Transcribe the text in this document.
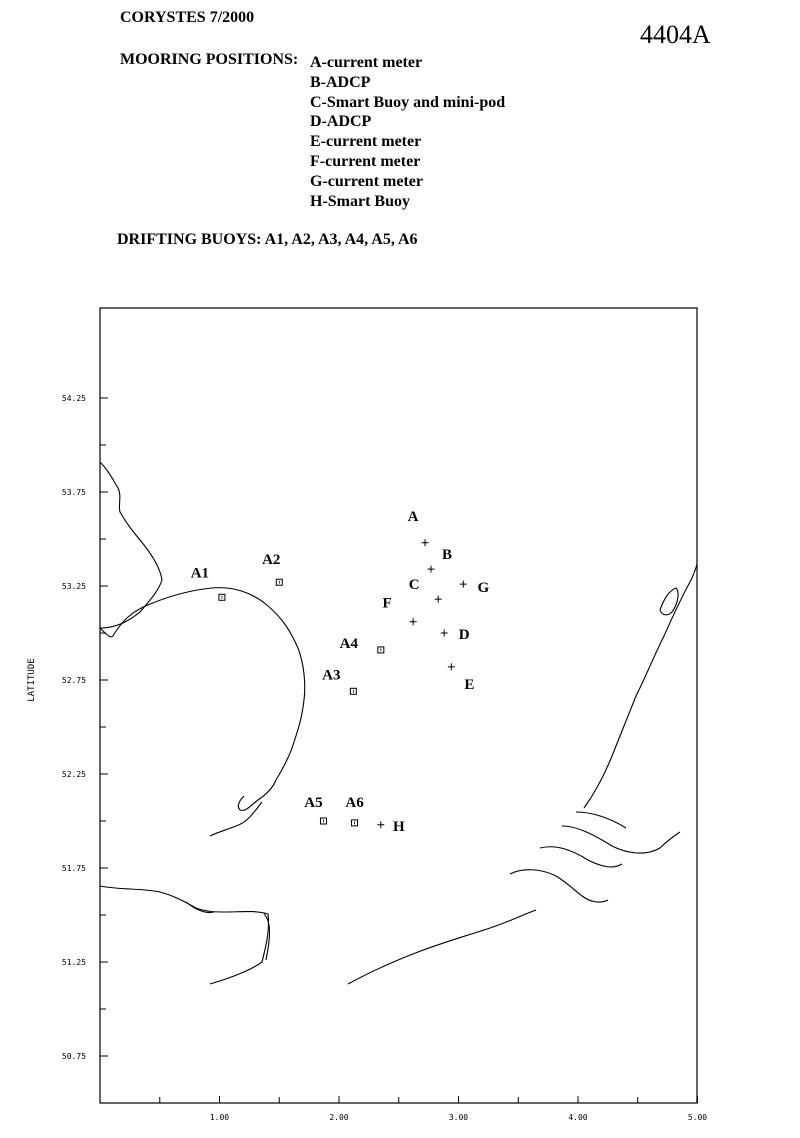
CORYSTES 7/2000
4404A
MOORING POSITIONS: A-current meter
B-ADCP
C-Smart Buoy and mini-pod
D-ADCP
E-current meter
F-current meter
G-current meter
H-Smart Buoy
DRIFTING BUOYS: A1, A2, A3, A4, A5, A6
54.25
53.75
53.25
52.75
52.25
51.75
51.25
50.75
1.00	2.00	3.00	4.00	5.00
LATITUDE
A
B
C
D
E
F
G
H
A1
A2
A3
A4
A5 A6
